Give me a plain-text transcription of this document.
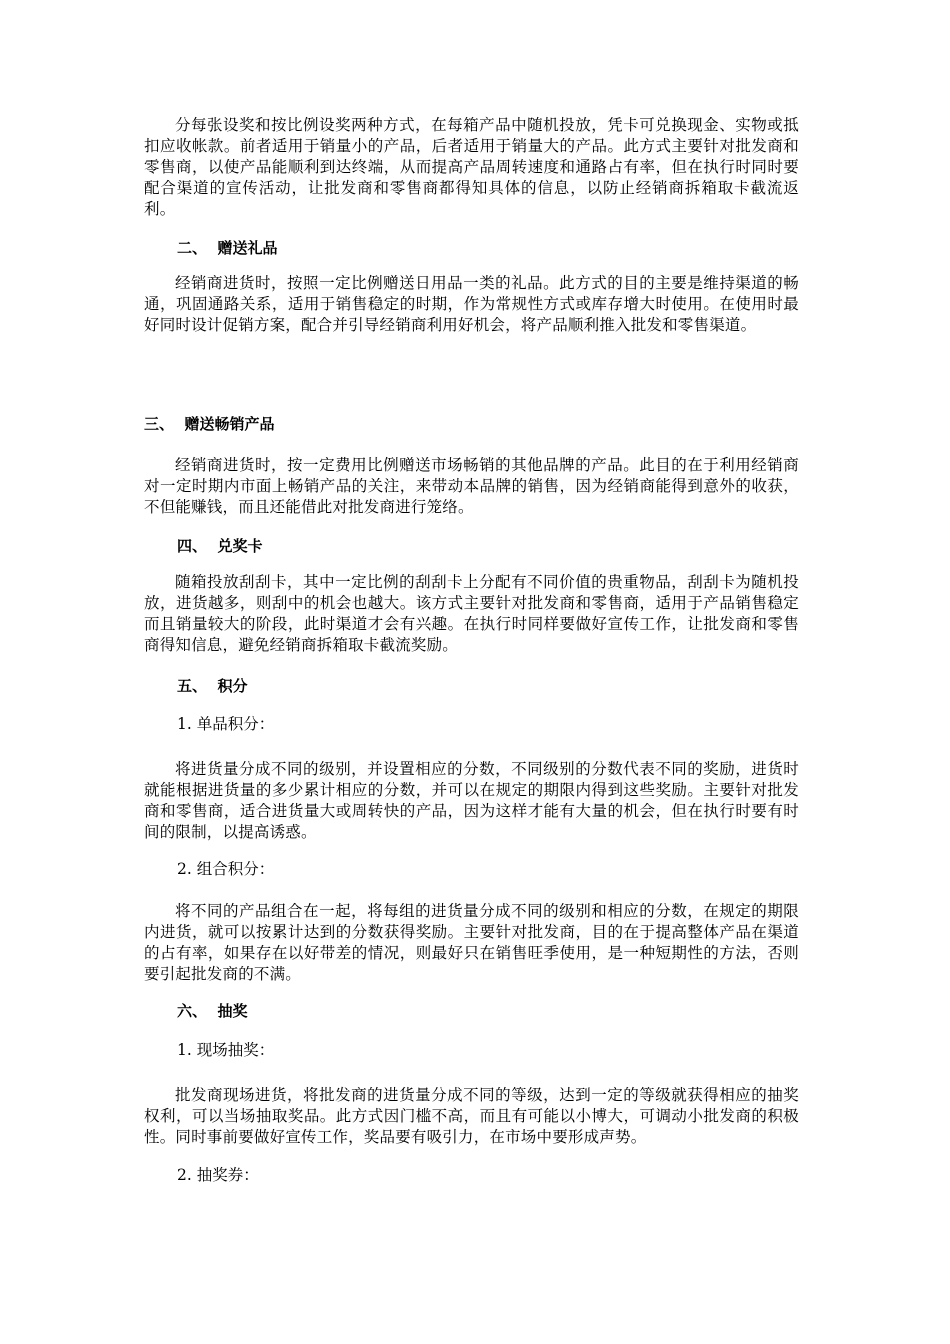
分每张设奖和按比例设奖两种方式，在每箱产品中随机投放，凭卡可兑换现金、实物或抵扣应收帐款。前者适用于销量小的产品，后者适用于销量大的产品。此方式主要针对批发商和零售商，以使产品能顺利到达终端，从而提高产品周转速度和通路占有率，但在执行时同时要配合渠道的宣传活动，让批发商和零售商都得知具体的信息，以防止经销商拆箱取卡截流返利。

二、  赠送礼品

经销商进货时，按照一定比例赠送日用品一类的礼品。此方式的目的主要是维持渠道的畅通，巩固通路关系，适用于销售稳定的时期，作为常规性方式或库存增大时使用。在使用时最好同时设计促销方案，配合并引导经销商利用好机会，将产品顺利推入批发和零售渠道。

三、  赠送畅销产品

经销商进货时，按一定费用比例赠送市场畅销的其他品牌的产品。此目的在于利用经销商对一定时期内市面上畅销产品的关注，来带动本品牌的销售，因为经销商能得到意外的收获，不但能赚钱，而且还能借此对批发商进行笼络。

四、  兑奖卡

随箱投放刮刮卡，其中一定比例的刮刮卡上分配有不同价值的贵重物品，刮刮卡为随机投放，进货越多，则刮中的机会也越大。该方式主要针对批发商和零售商，适用于产品销售稳定而且销量较大的阶段，此时渠道才会有兴趣。在执行时同样要做好宣传工作，让批发商和零售商得知信息，避免经销商拆箱取卡截流奖励。

五、  积分

1. 单品积分：

将进货量分成不同的级别，并设置相应的分数，不同级别的分数代表不同的奖励，进货时就能根据进货量的多少累计相应的分数，并可以在规定的期限内得到这些奖励。主要针对批发商和零售商，适合进货量大或周转快的产品，因为这样才能有大量的机会，但在执行时要有时间的限制，以提高诱惑。

2. 组合积分：

将不同的产品组合在一起，将每组的进货量分成不同的级别和相应的分数，在规定的期限内进货，就可以按累计达到的分数获得奖励。主要针对批发商，目的在于提高整体产品在渠道的占有率，如果存在以好带差的情况，则最好只在销售旺季使用，是一种短期性的方法，否则要引起批发商的不满。

六、  抽奖

1. 现场抽奖：

批发商现场进货，将批发商的进货量分成不同的等级，达到一定的等级就获得相应的抽奖权利，可以当场抽取奖品。此方式因门槛不高，而且有可能以小博大，可调动小批发商的积极性。同时事前要做好宣传工作，奖品要有吸引力，在市场中要形成声势。

2. 抽奖券：
